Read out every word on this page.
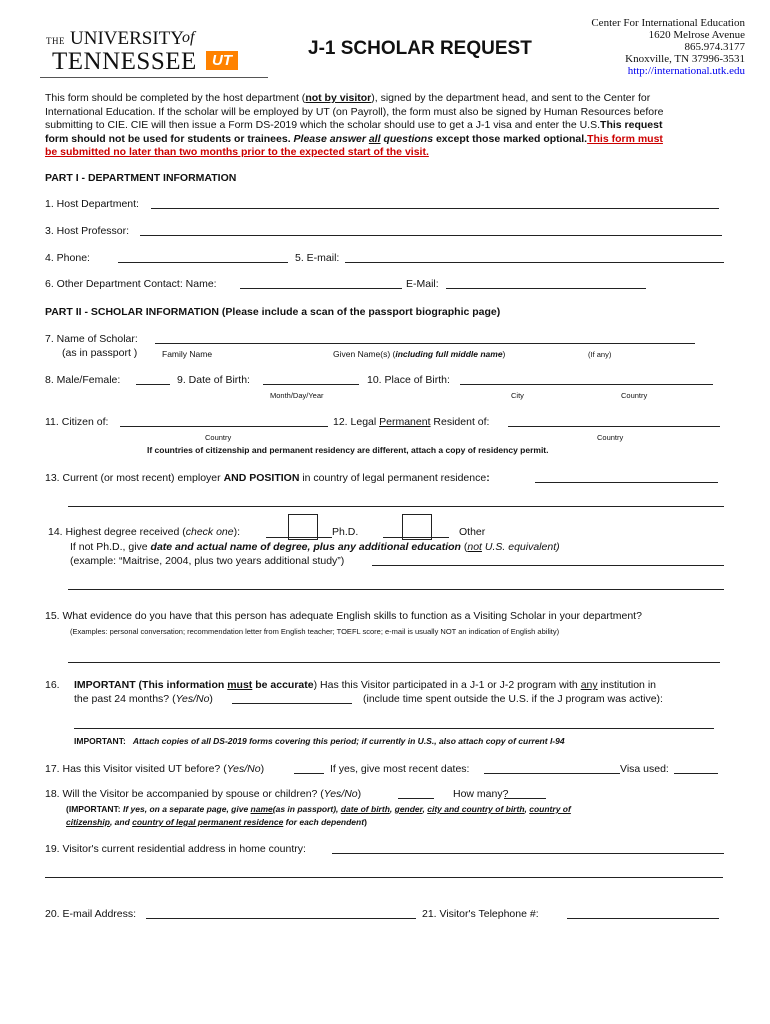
THE UNIVERSITY
of
TENNESSEE	UT
J-1 SCHOLAR REQUEST
Center For International Education
1620 Melrose Avenue
865.974.3177
Knoxville, TN 37996-3531
http://international.utk.edu
This form should be completed by the host department (not by visitor), signed by the department head, and sent to the Center for
International Education. If the scholar will be employed by UT (on Payroll), the form must also be signed by Human Resources before
submitting to CIE. CIE will then issue a Form DS-2019 which the scholar should use to get a J-1 visa and enter the U.S.This request
form should not be used for students or trainees. Please answer all questions except those marked optional.This form must
be submitted no later than two months prior to the expected start of the visit.
PART I - DEPARTMENT INFORMATION
1. Host Department:
3. Host Professor:
4. Phone:	5. E-mail:
6. Other Department Contact: Name:	E-Mail:
PART II - SCHOLAR INFORMATION (Please include a scan of the passport biographic page)
7. Name of Scholar:
(as in passport )	Family Name	Given Name(s) (including full middle name)	(If any)
8. Male/Female:	9. Date of Birth:	10. Place of Birth:
Month/Day/Year	City	Country
11. Citizen of:	12. Legal Permanent Resident of:
Country	Country
If countries of citizenship and permanent residency are different, attach a copy of residency permit.
13. Current (or most recent) employer AND POSITION in country of legal permanent residence:
14. Highest degree received (check one):	Ph.D.	Other
If not Ph.D., give date and actual name of degree, plus any additional education (not U.S. equivalent)
(example: “Maitrise, 2004, plus two years additional study”)
15. What evidence do you have that this person has adequate English skills to function as a Visiting Scholar in your department?
(Examples: personal conversation; recommendation letter from English teacher; TOEFL score; e-mail is usually NOT an indication of English ability)
16. IMPORTANT (This information must be accurate) Has this Visitor participated in a J-1 or J-2 program with any institution in
the past 24 months? (Yes/No)	(include time spent outside the U.S. if the J program was active):
IMPORTANT: Attach copies of all DS-2019 forms covering this period; if currently in U.S., also attach copy of current I-94
17. Has this Visitor visited UT before? (Yes/No)	If yes, give most recent dates:	Visa used:
18. Will the Visitor be accompanied by spouse or children? (Yes/No)	How many?
(IMPORTANT: If yes, on a separate page, give name(as in passport), date of birth, gender, city and country of birth, country of
citizenship, and country of legal permanent residence for each dependent)
19. Visitor's current residential address in home country:
20. E-mail Address:	21. Visitor's Telephone #:
